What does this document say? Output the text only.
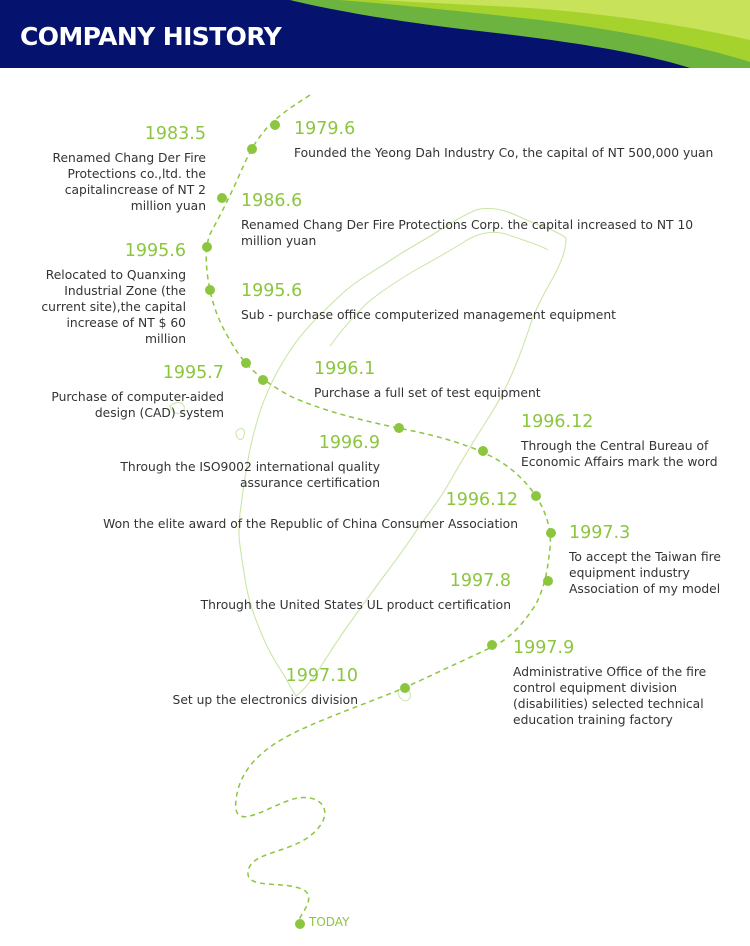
COMPANY HISTORY
1979.6
Founded the Yeong Dah Industry Co, the capital of NT 500,000 yuan
1983.5
Renamed Chang Der Fire Protections co.,ltd. the capitalincrease of NT 2 million yuan 1986.6
Renamed Chang Der Fire Protections Corp. the capital increased to NT 10 million yuan
1995.6
Relocated to Quanxing Industrial Zone (the current site),the capital increase of NT $ 60 million
1995.6
Sub - purchase office computerized management equipment
1995.7
Purchase of computer-aided design (CAD) system
1996.1
Purchase a full set of test equipment
1996.9
Through the ISO9002 international quality assurance certification
1996.12
Through the Central Bureau of Economic Affairs mark the word
1996.12
Won the elite award of the Republic of China Consumer Association	1997.3
To accept the Taiwan fire equipment industry Association of my model
1997.8
Through the United States UL product certification
1997.9
Administrative Office of the fire control equipment division (disabilities) selected technical education training factory
1997.10
Set up the electronics division
TODAY
